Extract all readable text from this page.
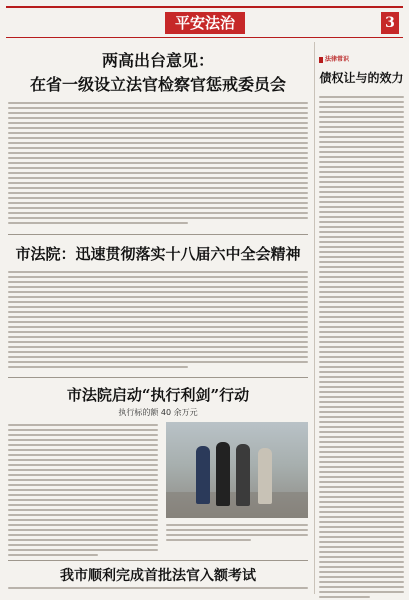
平安法治	3
两高出台意见：
在省一级设立法官检察官惩戒委员会
市法院：迅速贯彻落实十八届六中全会精神
市法院启动“执行利剑”行动
执行标的额 40 余万元
我市顺利完成首批法官入额考试
法律常识
债权让与的效力
